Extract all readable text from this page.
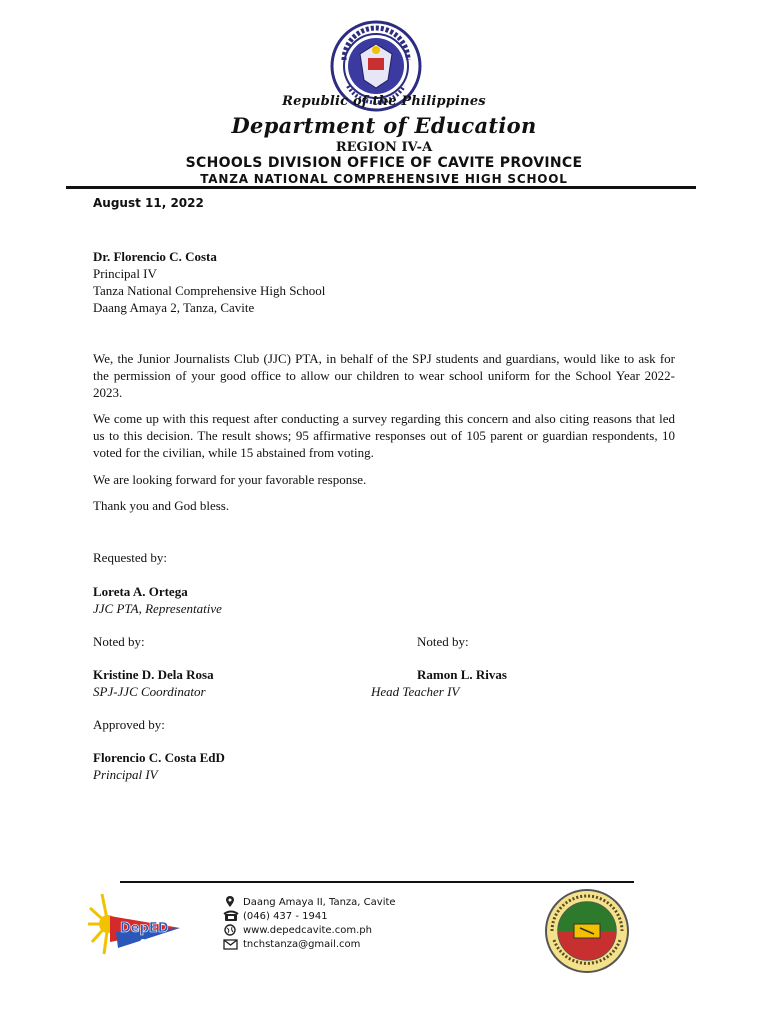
Republic of the Philippines
Department of Education
REGION IV-A
SCHOOLS DIVISION OFFICE OF CAVITE PROVINCE
TANZA NATIONAL COMPREHENSIVE HIGH SCHOOL
August 11, 2022
Dr. Florencio C. Costa
Principal IV
Tanza National Comprehensive High School
Daang Amaya 2, Tanza, Cavite
We, the Junior Journalists Club (JJC) PTA, in behalf of the SPJ students and guardians, would like to ask for the permission of your good office to allow our children to wear school uniform for the School Year 2022-2023.
We come up with this request after conducting a survey regarding this concern and also citing reasons that led us to this decision. The result shows; 95 affirmative responses out of 105 parent or guardian respondents, 10 voted for the civilian, while 15 abstained from voting.
We are looking forward for your favorable response.
Thank you and God bless.
Requested by:
Loreta A. Ortega
JJC PTA, Representative
Noted by:	Noted by:
Kristine D. Dela Rosa
SPJ-JJC Coordinator
Ramon L. Rivas
Head Teacher IV
Approved by:
Florencio C. Costa EdD
Principal IV
DepED
CAVITE
Daang Amaya II, Tanza, Cavite
(046) 437 - 1941
www.depedcavite.com.ph
tnchstanza@gmail.com
